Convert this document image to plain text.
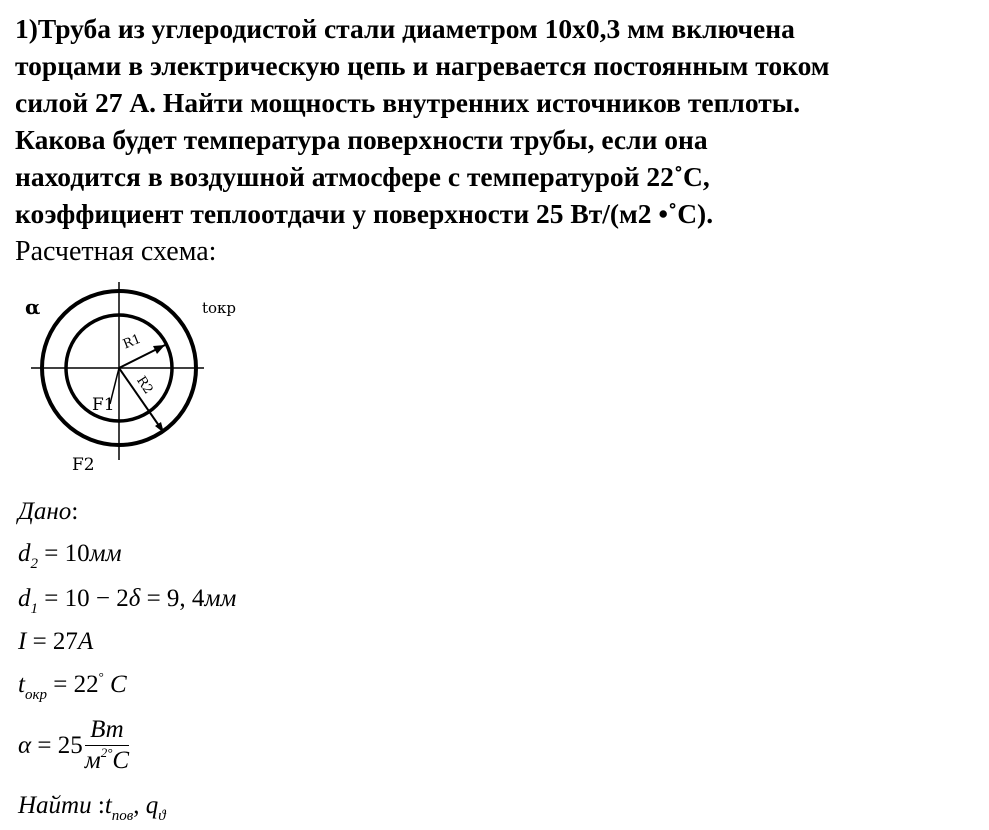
1)Труба из углеродистой стали диаметром 10х0,3 мм включена
торцами в электрическую цепь и нагревается постоянным током
силой 27 А. Найти мощность внутренних источников теплоты.
Какова будет температура поверхности трубы, если она
находится в воздушной атмосфере с температурой 22˚С,
коэффициент теплоотдачи у поверхности 25 Вт/(м2 •˚С).
Расчетная схема:
α	tокр
R1
R2
F1
F2
Дано:
$d_2 = 10мм$
$d_1 = 10 - 2\delta = 9$, 4мм
I = 27A
$t_{окр} = 22^\circ$ C
$\alpha = 25 \frac{Вт}{м^{2^\circ}C}$
Найти $:t_{пов}$, $q_ϑ$
